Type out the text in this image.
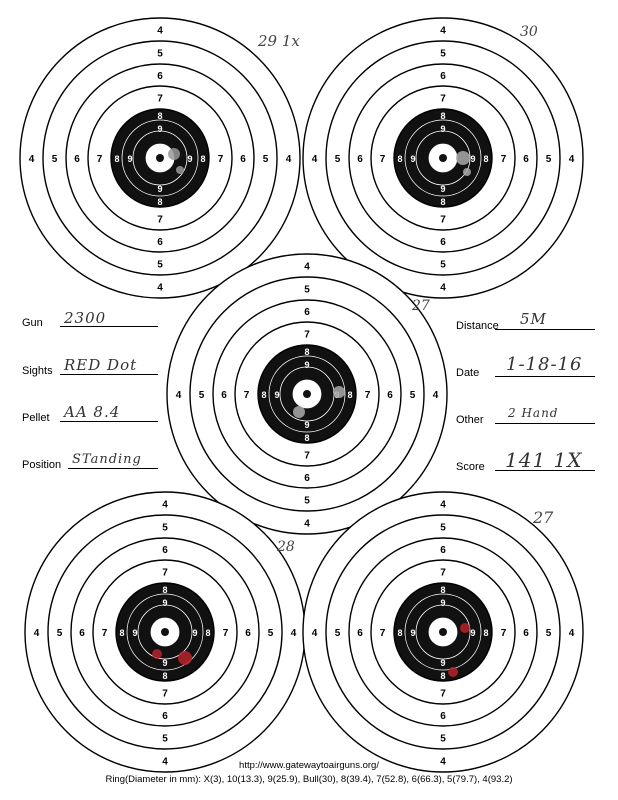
4
4
4	4
5
5
5	5
6
6
6	6
7
7
7	7
8
8
8	8
9
9
9	9
29 1x
4
4
4	4
5
5
5	5
6
6
6	6
7
7
7	7
8
8
8	8
9
9
9	9
30
4
4
4	4
5
5
5	5
6
6
6	6
7
7
7	7
8
8
8	8
9
9
9
27
4
4
4	4
5
5
5	5
6
6
6	6
7
7
7	7
8
8
8	8
9
9
9	9
28
4
4
4	4
5
5
5	5
6
6
6	6
7
7
7	7
8
8
8	8
9
9
9	9
27
Gun 2300
Sights RED Dot
Pellet AA 8.4
Position STanding
Distance 5M
Date 1-18-16
Other 2 Hand
Score 141 1X
http://www.gatewaytoairguns.org/
Ring(Diameter in mm): X(3), 10(13.3), 9(25.9), Bull(30), 8(39.4), 7(52.8), 6(66.3), 5(79.7), 4(93.2)
